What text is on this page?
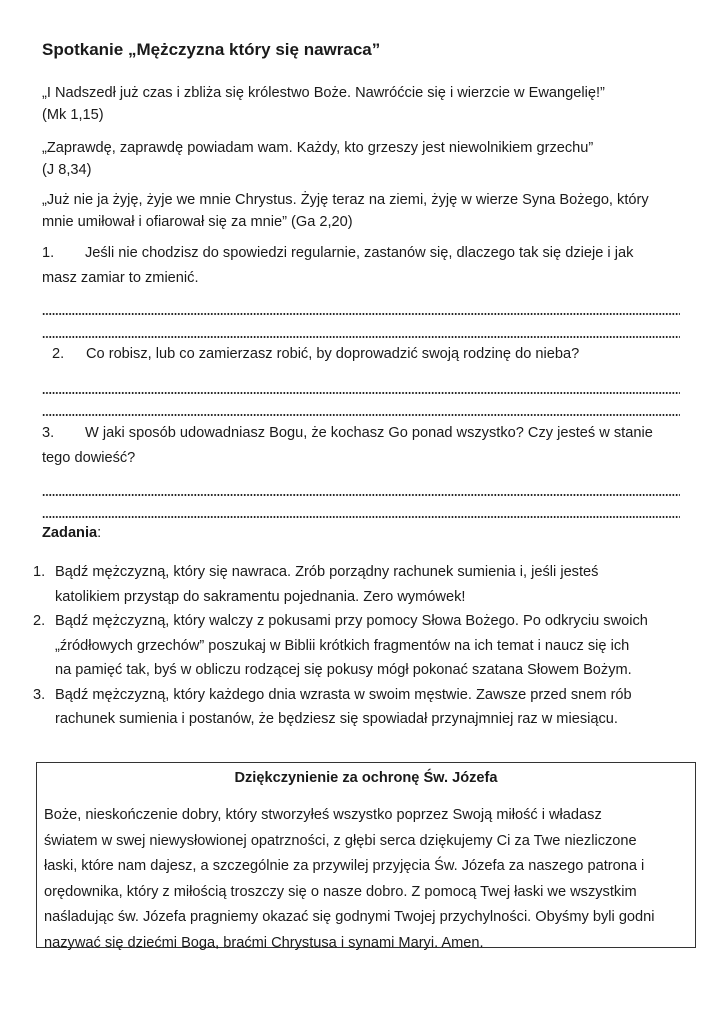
Spotkanie „Mężczyzna który się nawraca”
„I Nadszedł już czas i zbliża się królestwo Boże. Nawróćcie się i wierzcie w Ewangelię!”
(Mk 1,15)
„Zaprawdę, zaprawdę powiadam wam. Każdy, kto grzeszy jest niewolnikiem grzechu”
(J 8,34)
„Już nie ja żyję, żyje we mnie Chrystus. Żyję teraz na ziemi, żyję w wierze Syna Bożego, który
mnie umiłował i ofiarował się za mnie” (Ga 2,20)
1. Jeśli nie chodzisz do spowiedzi regularnie, zastanów się, dlaczego tak się dzieje i jak
masz zamiar to zmienić.
2. Co robisz, lub co zamierzasz robić, by doprowadzić swoją rodzinę do nieba?
3. W jaki sposób udowadniasz Bogu, że kochasz Go ponad wszystko? Czy jesteś w stanie
tego dowieść?
Zadania:
1. Bądź mężczyzną, który się nawraca. Zrób porządny rachunek sumienia i, jeśli jesteś
katolikiem przystąp do sakramentu pojednania. Zero wymówek!
2. Bądź mężczyzną, który walczy z pokusami przy pomocy Słowa Bożego. Po odkryciu swoich
„źródłowych grzechów” poszukaj w Biblii krótkich fragmentów na ich temat i naucz się ich
na pamięć tak, byś w obliczu rodzącej się pokusy mógł pokonać szatana Słowem Bożym.
3. Bądź mężczyzną, który każdego dnia wzrasta w swoim męstwie. Zawsze przed snem rób
rachunek sumienia i postanów, że będziesz się spowiadał przynajmniej raz w miesiącu.
Dziękczynienie za ochronę Św. Józefa
Boże, nieskończenie dobry, który stworzyłeś wszystko poprzez Swoją miłość i władasz
światem w swej niewysłowionej opatrzności, z głębi serca dziękujemy Ci za Twe niezliczone
łaski, które nam dajesz, a szczególnie za przywilej przyjęcia Św. Józefa za naszego patrona i
orędownika, który z miłością troszczy się o nasze dobro. Z pomocą Twej łaski we wszystkim
naśladując św. Józefa pragniemy okazać się godnymi Twojej przychylności. Obyśmy byli godni
nazywać się dziećmi Boga, braćmi Chrystusa i synami Maryi. Amen.
